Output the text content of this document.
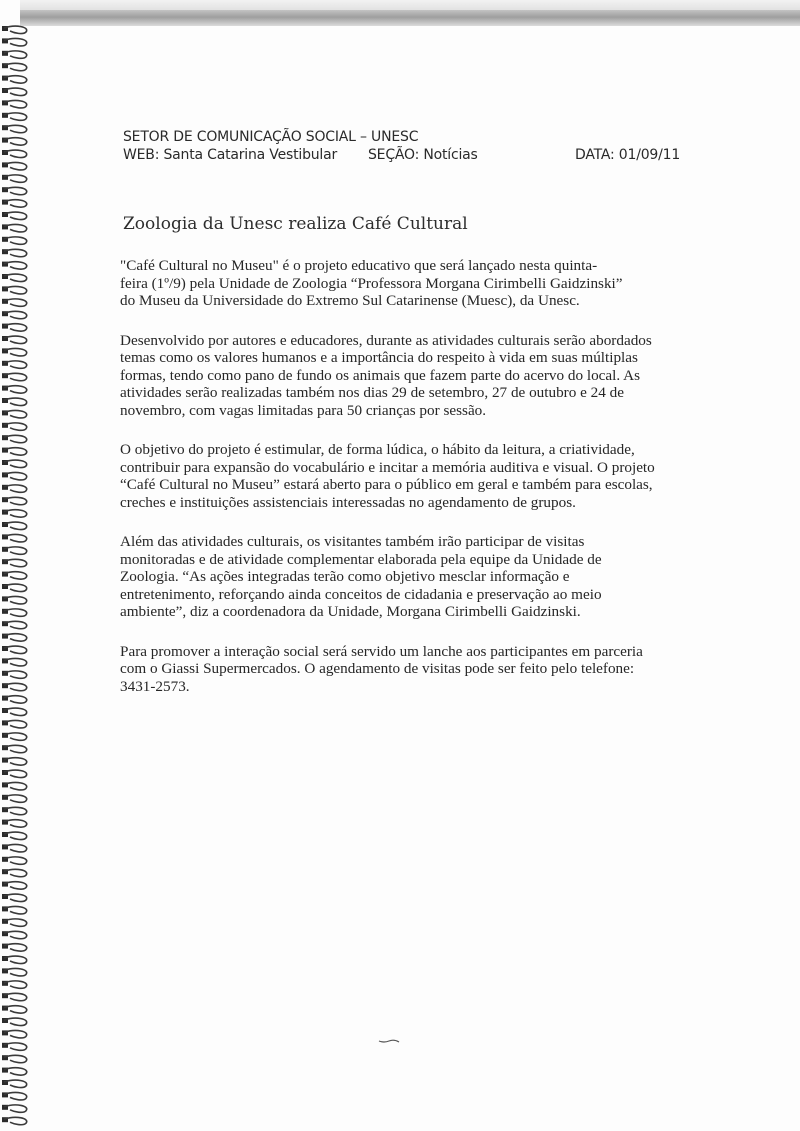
SETOR DE COMUNICAÇÃO SOCIAL – UNESC
WEB: Santa Catarina Vestibular SEÇÃO: Notícias	DATA: 01/09/11
Zoologia da Unesc realiza Café Cultural

"Café Cultural no Museu" é o projeto educativo que será lançado nesta quinta-
feira (1º/9) pela Unidade de Zoologia “Professora Morgana Cirimbelli Gaidzinski”
do Museu da Universidade do Extremo Sul Catarinense (Muesc), da Unesc.

Desenvolvido por autores e educadores, durante as atividades culturais serão abordados
temas como os valores humanos e a importância do respeito à vida em suas múltiplas
formas, tendo como pano de fundo os animais que fazem parte do acervo do local. As
atividades serão realizadas também nos dias 29 de setembro, 27 de outubro e 24 de
novembro, com vagas limitadas para 50 crianças por sessão.

O objetivo do projeto é estimular, de forma lúdica, o hábito da leitura, a criatividade,
contribuir para expansão do vocabulário e incitar a memória auditiva e visual. O projeto
“Café Cultural no Museu” estará aberto para o público em geral e também para escolas,
creches e instituições assistenciais interessadas no agendamento de grupos.

Além das atividades culturais, os visitantes também irão participar de visitas
monitoradas e de atividade complementar elaborada pela equipe da Unidade de
Zoologia. “As ações integradas terão como objetivo mesclar informação e
entretenimento, reforçando ainda conceitos de cidadania e preservação ao meio
ambiente”, diz a coordenadora da Unidade, Morgana Cirimbelli Gaidzinski.

Para promover a interação social será servido um lanche aos participantes em parceria
com o Giassi Supermercados. O agendamento de visitas pode ser feito pelo telefone:
3431-2573.
